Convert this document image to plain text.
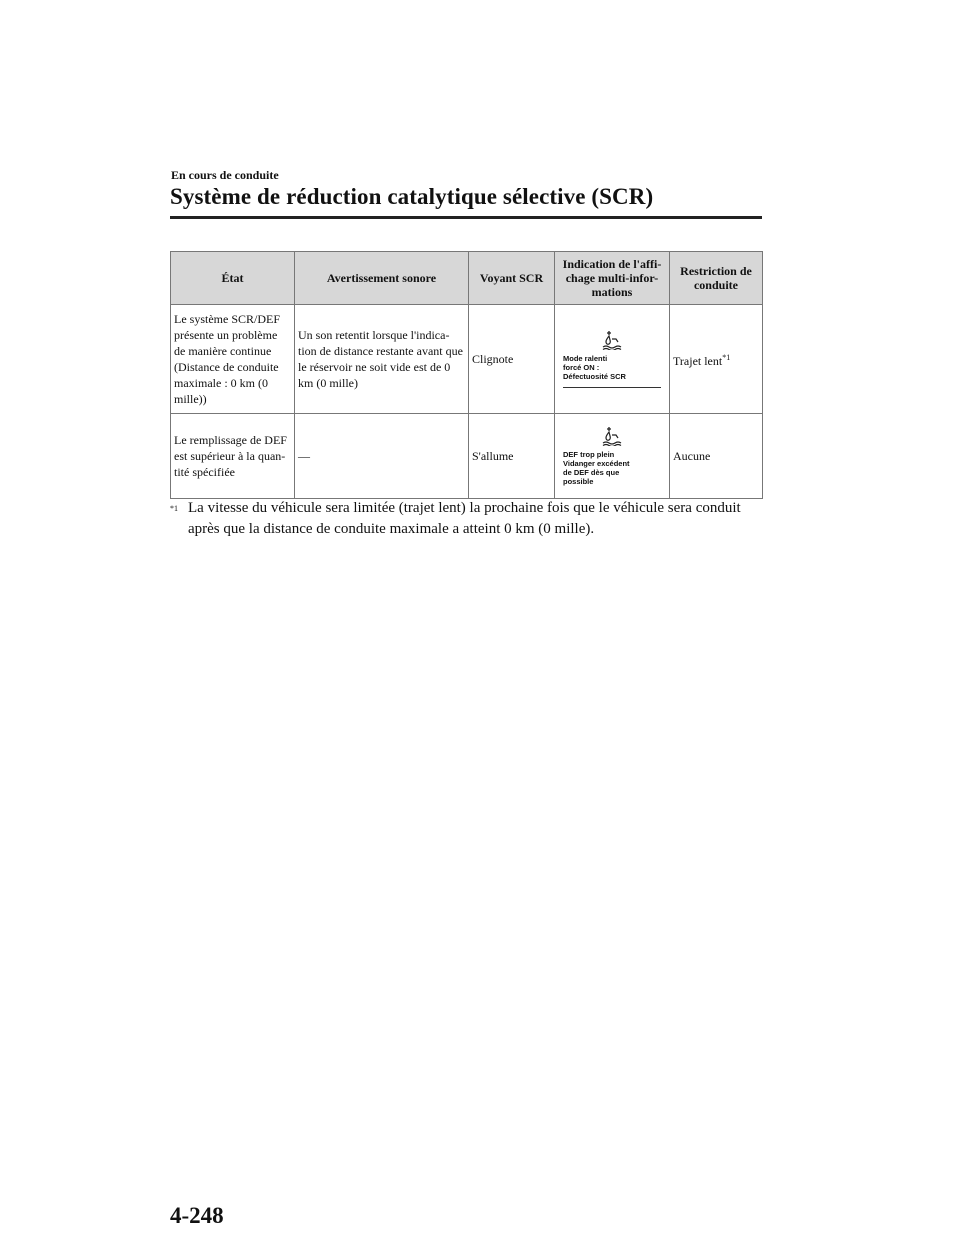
En cours de conduite
Système de réduction catalytique sélective (SCR)
État	Avertissement sonore	Voyant SCR	Indication de l'affi-chage multi-infor-mations	Restriction de conduite
Le système SCR/DEF présente un problème de manière continue (Distance de conduite maximale : 0 km (0 mille))	Un son retentit lorsque l'indica-tion de distance restante avant que le réservoir ne soit vide est de 0 km (0 mille)	Clignote	Mode ralenti
forcé ON :
Défectuosité SCR	Trajet lent$^{*1}$
Le remplissage de DEF est supérieur à la quan-tité spécifiée	—	S'allume	DEF trop plein
Vidanger excédent
de DEF dès que
possible	Aucune
*1 La vitesse du véhicule sera limitée (trajet lent) la prochaine fois que le véhicule sera conduit après que la distance de conduite maximale a atteint 0 km (0 mille).
4-248
